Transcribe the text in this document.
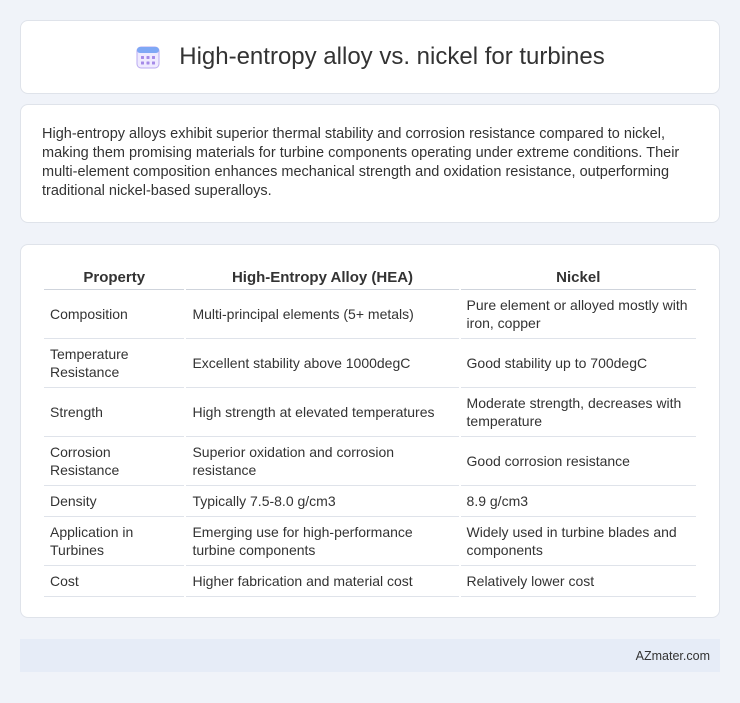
High-entropy alloy vs. nickel for turbines

High-entropy alloys exhibit superior thermal stability and corrosion resistance compared to nickel, making them promising materials for turbine components operating under extreme conditions. Their multi-element composition enhances mechanical strength and oxidation resistance, outperforming traditional nickel-based superalloys.

Property	High-Entropy Alloy (HEA)	Nickel
Composition	Multi-principal elements (5+ metals)	Pure element or alloyed mostly with iron, copper
Temperature Resistance	Excellent stability above 1000degC	Good stability up to 700degC
Strength	High strength at elevated temperatures	Moderate strength, decreases with temperature
Corrosion Resistance	Superior oxidation and corrosion resistance	Good corrosion resistance
Density	Typically 7.5-8.0 g/cm3	8.9 g/cm3
Application in Turbines	Emerging use for high-performance turbine components	Widely used in turbine blades and components
Cost	Higher fabrication and material cost	Relatively lower cost
AZmater.com
